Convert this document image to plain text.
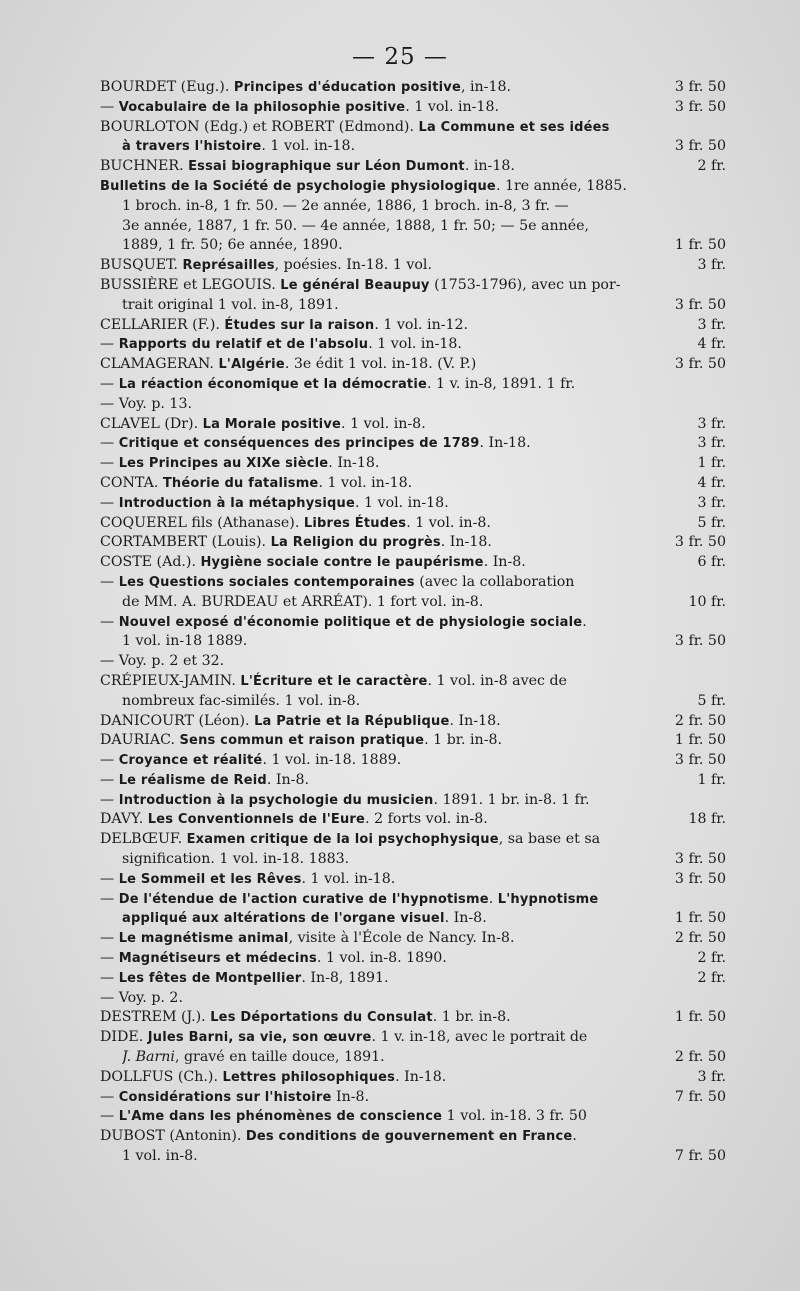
— 25 —
BOURDET (Eug.). Principes d'éducation positive, in-18.	3 fr. 50
— Vocabulaire de la philosophie positive. 1 vol. in-18.	3 fr. 50
BOURLOTON (Edg.) et ROBERT (Edmond). La Commune et ses idées
à travers l'histoire. 1 vol. in-18.	3 fr. 50
BUCHNER. Essai biographique sur Léon Dumont. in-18.	2 fr.
Bulletins de la Société de psychologie physiologique. 1re année, 1885.
1 broch. in-8, 1 fr. 50. — 2e année, 1886, 1 broch. in-8, 3 fr. —
3e année, 1887, 1 fr. 50. — 4e année, 1888, 1 fr. 50; — 5e année,
1889, 1 fr. 50; 6e année, 1890.	1 fr. 50
BUSQUET. Représailles, poésies. In-18. 1 vol.	3 fr.
BUSSIÈRE et LEGOUIS. Le général Beaupuy (1753-1796), avec un por-
trait original 1 vol. in-8, 1891.	3 fr. 50
CELLARIER (F.). Études sur la raison. 1 vol. in-12.	3 fr.
— Rapports du relatif et de l'absolu. 1 vol. in-18.	4 fr.
CLAMAGERAN. L'Algérie. 3e édit 1 vol. in-18. (V. P.)	3 fr. 50
— La réaction économique et la démocratie. 1 v. in-8, 1891. 1 fr.
— Voy. p. 13.
CLAVEL (Dr). La Morale positive. 1 vol. in-8.	3 fr.
— Critique et conséquences des principes de 1789. In-18.	3 fr.
— Les Principes au XIXe siècle. In-18.	1 fr.
CONTA. Théorie du fatalisme. 1 vol. in-18.	4 fr.
— Introduction à la métaphysique. 1 vol. in-18.	3 fr.
COQUEREL fils (Athanase). Libres Études. 1 vol. in-8.	5 fr.
CORTAMBERT (Louis). La Religion du progrès. In-18.	3 fr. 50
COSTE (Ad.). Hygiène sociale contre le paupérisme. In-8.	6 fr.
— Les Questions sociales contemporaines (avec la collaboration
de MM. A. BURDEAU et ARRÉAT). 1 fort vol. in-8.	10 fr.
— Nouvel exposé d'économie politique et de physiologie sociale.
1 vol. in-18 1889.	3 fr. 50
— Voy. p. 2 et 32.
CRÉPIEUX-JAMIN. L'Écriture et le caractère. 1 vol. in-8 avec de
nombreux fac-similés. 1 vol. in-8.	5 fr.
DANICOURT (Léon). La Patrie et la République. In-18.	2 fr. 50
DAURIAC. Sens commun et raison pratique. 1 br. in-8.	1 fr. 50
— Croyance et réalité. 1 vol. in-18. 1889.	3 fr. 50
— Le réalisme de Reid. In-8.	1 fr.
— Introduction à la psychologie du musicien. 1891. 1 br. in-8. 1 fr.
DAVY. Les Conventionnels de l'Eure. 2 forts vol. in-8.	18 fr.
DELBŒUF. Examen critique de la loi psychophysique, sa base et sa
signification. 1 vol. in-18. 1883.	3 fr. 50
— Le Sommeil et les Rêves. 1 vol. in-18.	3 fr. 50
— De l'étendue de l'action curative de l'hypnotisme. L'hypnotisme
appliqué aux altérations de l'organe visuel. In-8.	1 fr. 50
— Le magnétisme animal, visite à l'École de Nancy. In-8.	2 fr. 50
— Magnétiseurs et médecins. 1 vol. in-8. 1890.	2 fr.
— Les fêtes de Montpellier. In-8, 1891.	2 fr.
— Voy. p. 2.
DESTREM (J.). Les Déportations du Consulat. 1 br. in-8.	1 fr. 50
DIDE. Jules Barni, sa vie, son œuvre. 1 v. in-18, avec le portrait de
J. Barni, gravé en taille douce, 1891.	2 fr. 50
DOLLFUS (Ch.). Lettres philosophiques. In-18.	3 fr.
— Considérations sur l'histoire In-8.	7 fr. 50
— L'Ame dans les phénomènes de conscience 1 vol. in-18. 3 fr. 50
DUBOST (Antonin). Des conditions de gouvernement en France.
1 vol. in-8.	7 fr. 50
